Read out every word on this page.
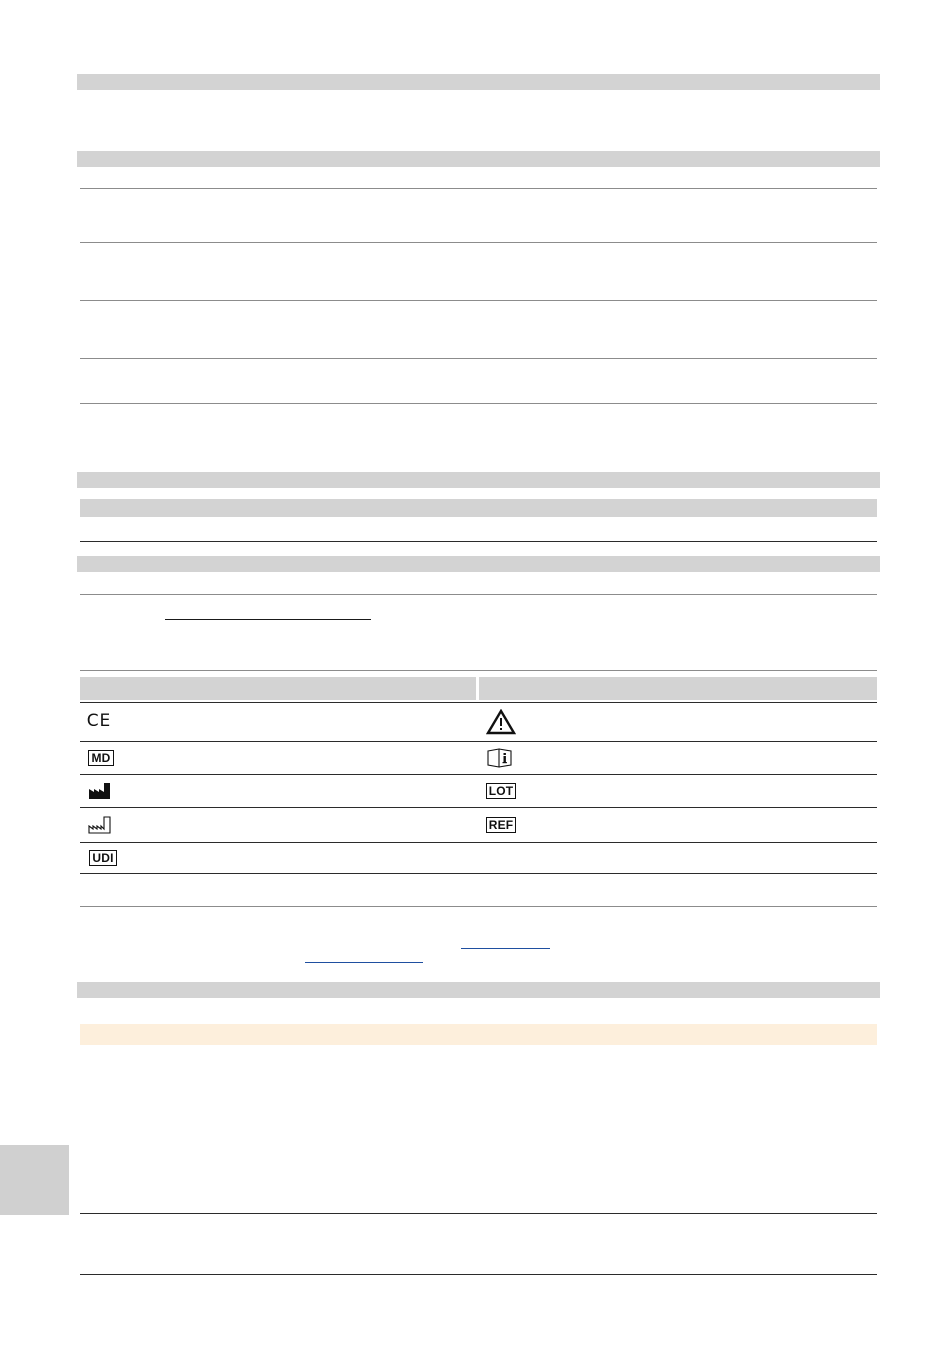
CE
MD
UDI
LOT
REF
